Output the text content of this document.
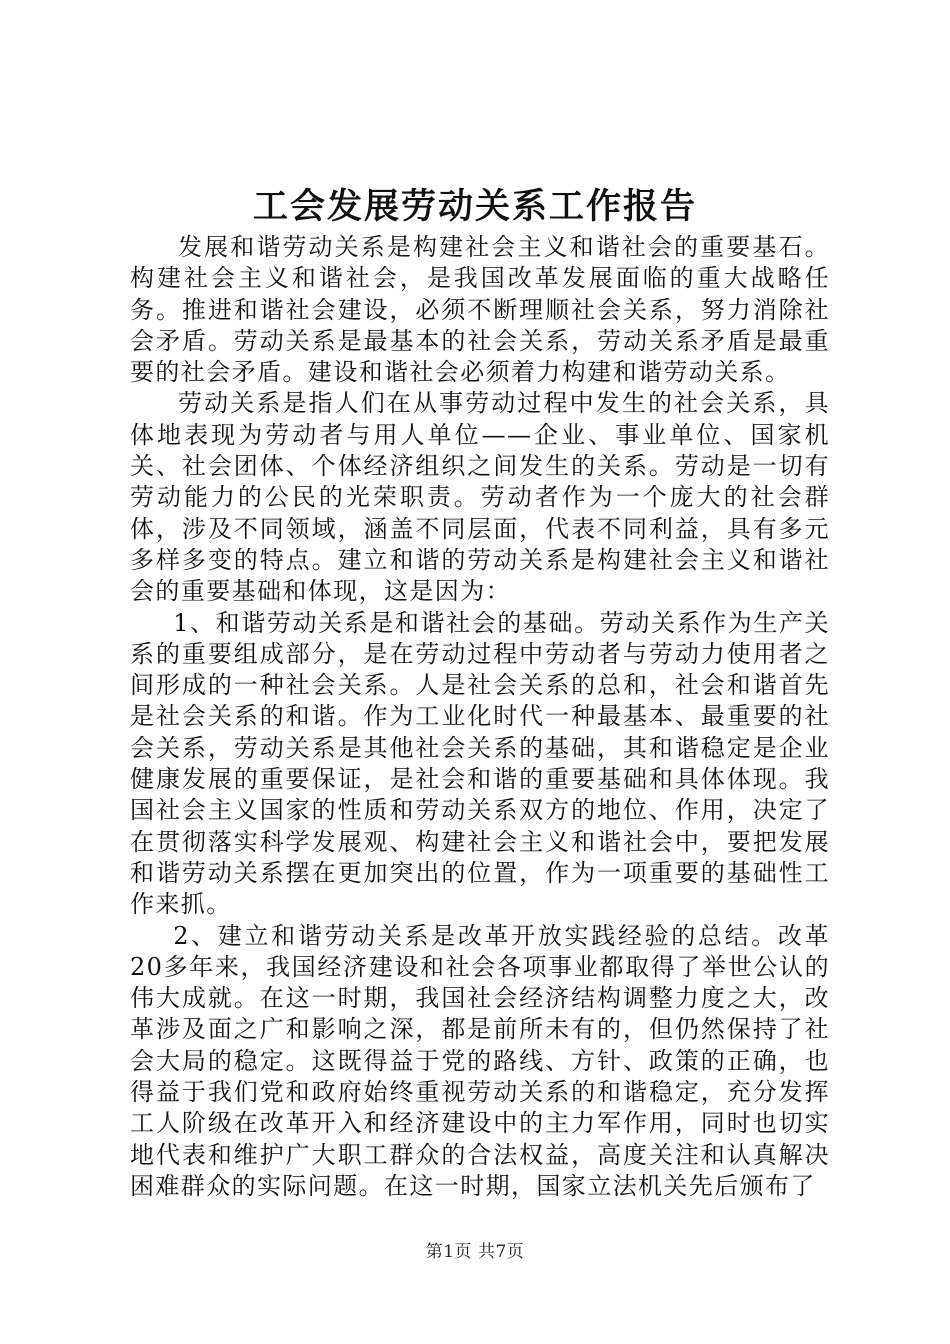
工会发展劳动关系工作报告

发展和谐劳动关系是构建社会主义和谐社会的重要基石。构建社会主义和谐社会，是我国改革发展面临的重大战略任务。推进和谐社会建设，必须不断理顺社会关系，努力消除社会矛盾。劳动关系是最基本的社会关系，劳动关系矛盾是最重要的社会矛盾。建设和谐社会必须着力构建和谐劳动关系。

劳动关系是指人们在从事劳动过程中发生的社会关系，具体地表现为劳动者与用人单位——企业、事业单位、国家机关、社会团体、个体经济组织之间发生的关系。劳动是一切有劳动能力的公民的光荣职责。劳动者作为一个庞大的社会群体，涉及不同领域，涵盖不同层面，代表不同利益，具有多元多样多变的特点。建立和谐的劳动关系是构建社会主义和谐社会的重要基础和体现，这是因为：

1、和谐劳动关系是和谐社会的基础。劳动关系作为生产关系的重要组成部分，是在劳动过程中劳动者与劳动力使用者之间形成的一种社会关系。人是社会关系的总和，社会和谐首先是社会关系的和谐。作为工业化时代一种最基本、最重要的社会关系，劳动关系是其他社会关系的基础，其和谐稳定是企业健康发展的重要保证，是社会和谐的重要基础和具体体现。我国社会主义国家的性质和劳动关系双方的地位、作用，决定了在贯彻落实科学发展观、构建社会主义和谐社会中，要把发展和谐劳动关系摆在更加突出的位置，作为一项重要的基础性工作来抓。

2、建立和谐劳动关系是改革开放实践经验的总结。改革20多年来，我国经济建设和社会各项事业都取得了举世公认的伟大成就。在这一时期，我国社会经济结构调整力度之大，改革涉及面之广和影响之深，都是前所未有的，但仍然保持了社会大局的稳定。这既得益于党的路线、方针、政策的正确，也得益于我们党和政府始终重视劳动关系的和谐稳定，充分发挥工人阶级在改革开入和经济建设中的主力军作用，同时也切实地代表和维护广大职工群众的合法权益，高度关注和认真解决困难群众的实际问题。在这一时期，国家立法机关先后颁布了

第1页 共7页
